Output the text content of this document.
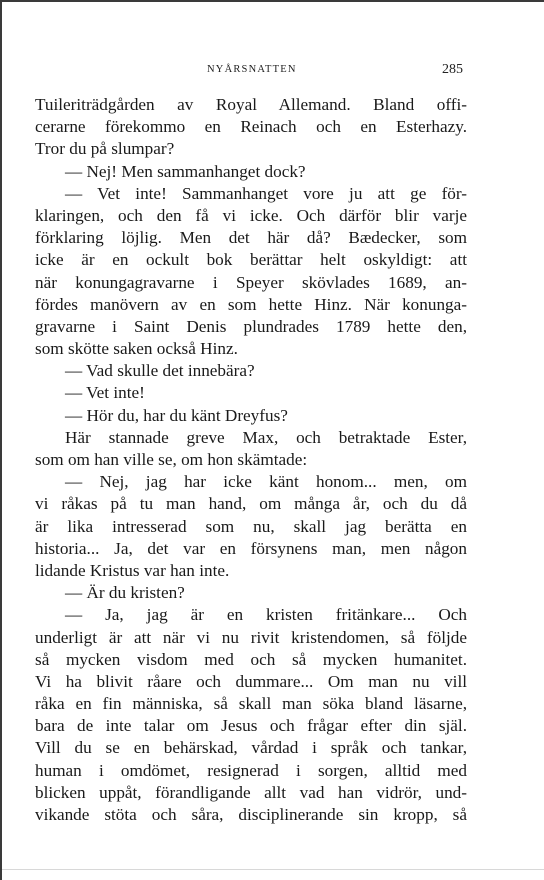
NYÅRSNATTEN	285
Tuileriträdgården av Royal Allemand. Bland offi-
cerarne förekommo en Reinach och en Esterhazy.
Tror du på slumpar?
— Nej! Men sammanhanget dock?
— Vet inte! Sammanhanget vore ju att ge för-
klaringen, och den få vi icke. Och därför blir varje
förklaring löjlig. Men det här då? Bædecker, som
icke är en ockult bok berättar helt oskyldigt: att
när konungagravarne i Speyer skövlades 1689, an-
fördes manövern av en som hette Hinz. När konunga-
gravarne i Saint Denis plundrades 1789 hette den,
som skötte saken också Hinz.
— Vad skulle det innebära?
— Vet inte!
— Hör du, har du känt Dreyfus?
Här stannade greve Max, och betraktade Ester,
som om han ville se, om hon skämtade:
— Nej, jag har icke känt honom... men, om
vi råkas på tu man hand, om många år, och du då
är lika intresserad som nu, skall jag berätta en
historia... Ja, det var en försynens man, men någon
lidande Kristus var han inte.
— Är du kristen?
— Ja, jag är en kristen fritänkare... Och
underligt är att när vi nu rivit kristendomen, så följde
så mycken visdom med och så mycken humanitet.
Vi ha blivit råare och dummare... Om man nu vill
råka en fin människa, så skall man söka bland läsarne,
bara de inte talar om Jesus och frågar efter din själ.
Vill du se en behärskad, vårdad i språk och tankar,
human i omdömet, resignerad i sorgen, alltid med
blicken uppåt, förandligande allt vad han vidrör, und-
vikande stöta och såra, disciplinerande sin kropp, så
